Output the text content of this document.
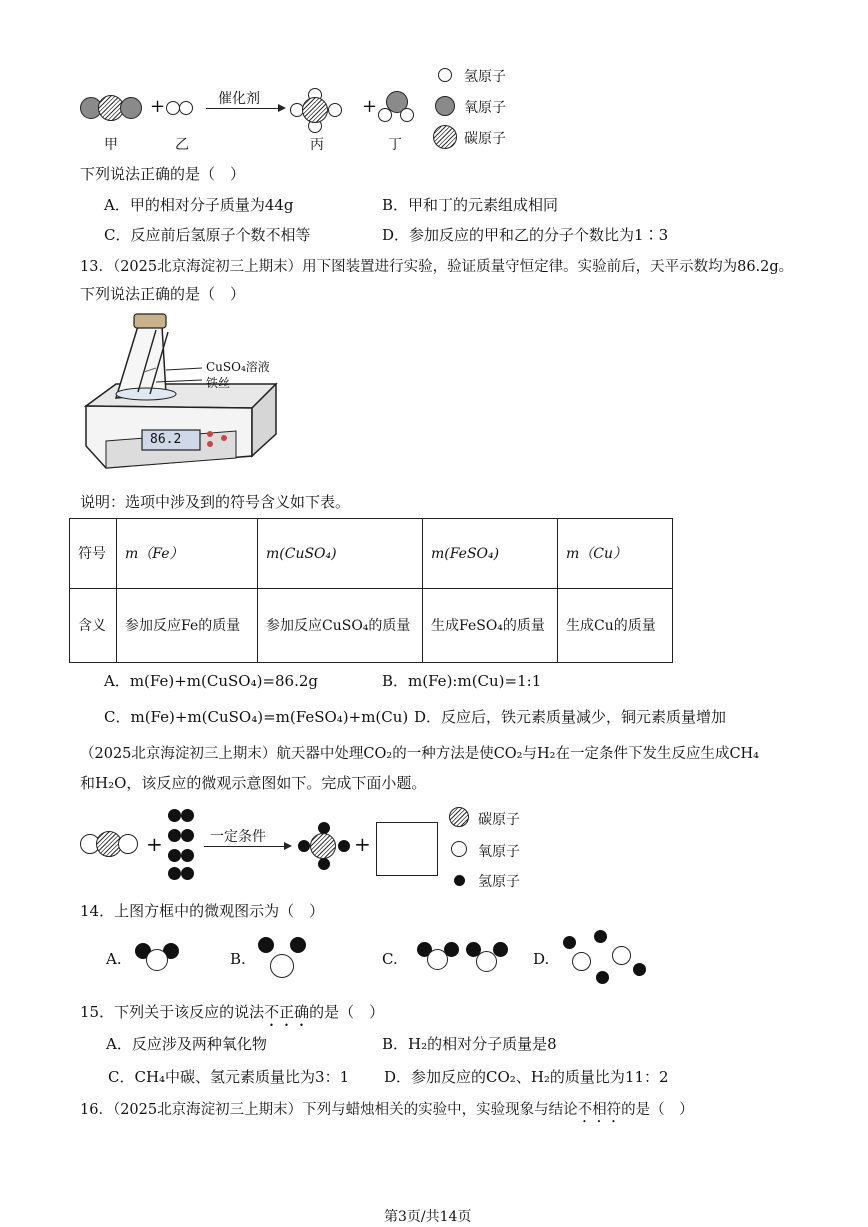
+	催化剂	+
甲	乙	丙	丁
氢原子
氧原子
碳原子
下列说法正确的是（　）
A．甲的相对分子质量为44g	B．甲和丁的元素组成相同
C．反应前后氢原子个数不相等	D．参加反应的甲和乙的分子个数比为1∶3
13．（2025北京海淀初三上期末）用下图装置进行实验，验证质量守恒定律。实验前后，天平示数均为86.2g。
下列说法正确的是（　）
CuSO₄溶液
铁丝
86.2
说明：选项中涉及到的符号含义如下表。
符号	m（Fe）	m(CuSO₄)	m(FeSO₄)	m（Cu）
含义	参加反应Fe的质量	参加反应CuSO₄的质量	生成FeSO₄的质量	生成Cu的质量
A．m(Fe)+m(CuSO₄)=86.2g	B．m(Fe):m(Cu)=1:1
C．m(Fe)+m(CuSO₄)=m(FeSO₄)+m(Cu) D．反应后，铁元素质量减少，铜元素质量增加
（2025北京海淀初三上期末）航天器中处理CO₂的一种方法是使CO₂与H₂在一定条件下发生反应生成CH₄
和H₂O，该反应的微观示意图如下。完成下面小题。
+	一定条件	+
碳原子
氧原子
氢原子
14．上图方框中的微观图示为（　）
A.	B.	C.	D.
15．下列关于该反应的说法不正确的是（　）
A．反应涉及两种氧化物	B．H₂的相对分子质量是8
C．CH₄中碳、氢元素质量比为3：1 D．参加反应的CO₂、H₂的质量比为11：2
16．（2025北京海淀初三上期末）下列与蜡烛相关的实验中，实验现象与结论不相符的是（　）
第3页/共14页
